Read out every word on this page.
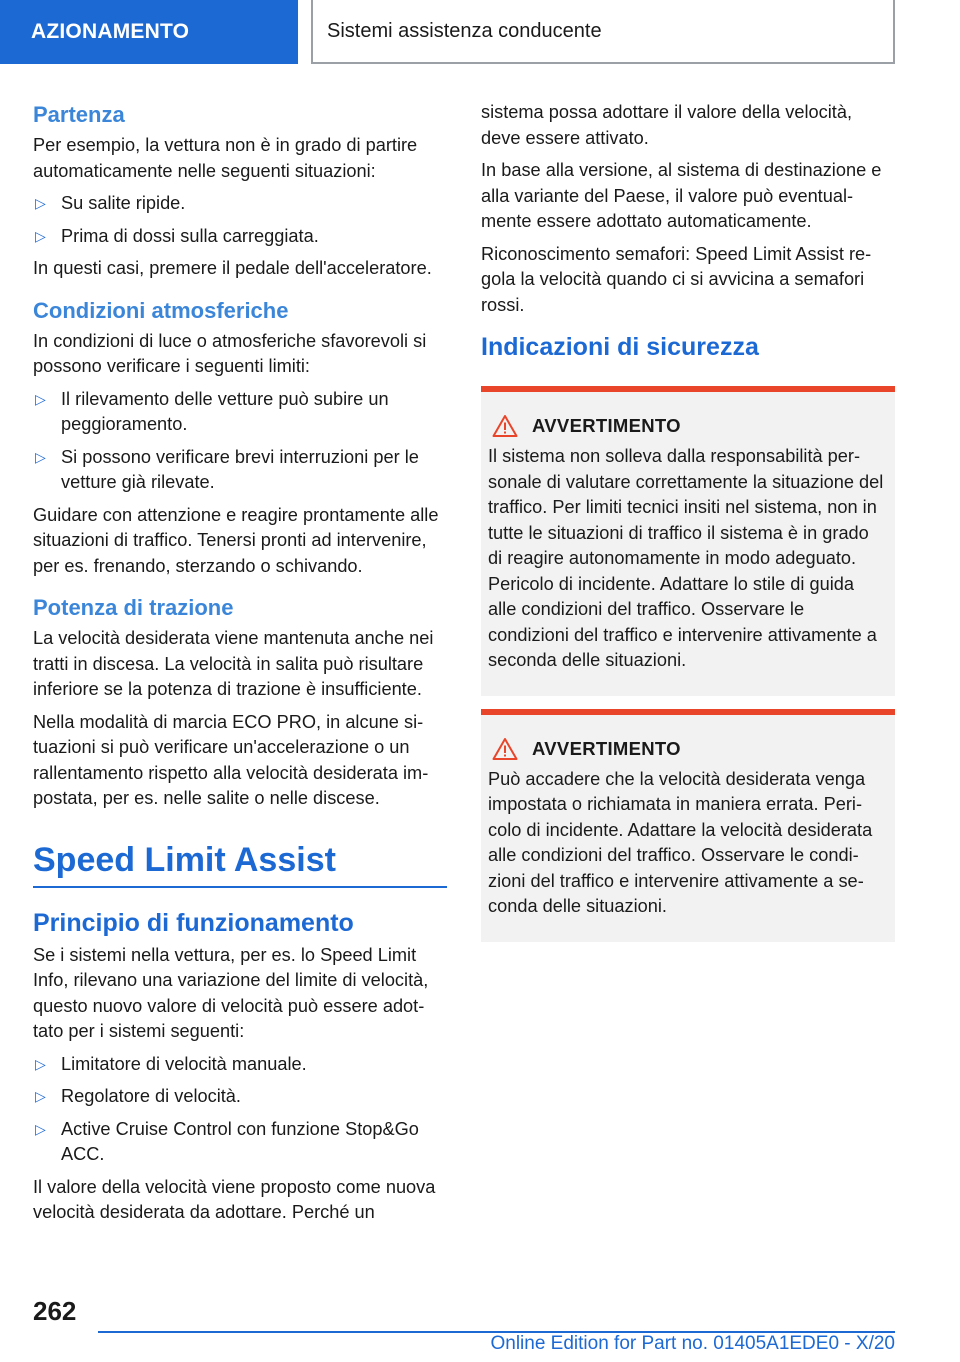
AZIONAMENTO	Sistemi assistenza conducente
Partenza

Per esempio, la vettura non è in grado di partire automaticamente nelle seguenti situazioni:

▷ Su salite ripide.
▷ Prima di dossi sulla carreggiata.

In questi casi, premere il pedale dell'acceleratore.

Condizioni atmosferiche

In condizioni di luce o atmosferiche sfavorevoli si possono verificare i seguenti limiti:

▷ Il rilevamento delle vetture può subire un peggioramento.
▷ Si possono verificare brevi interruzioni per le vetture già rilevate.

Guidare con attenzione e reagire prontamente alle situazioni di traffico. Tenersi pronti ad intervenire, per es. frenando, sterzando o schivando.

Potenza di trazione

La velocità desiderata viene mantenuta anche nei tratti in discesa. La velocità in salita può risultare inferiore se la potenza di trazione è insufficiente.

Nella modalità di marcia ECO PRO, in alcune situazioni si può verificare un'accelerazione o un rallentamento rispetto alla velocità desiderata impostata, per es. nelle salite o nelle discese.

Speed Limit Assist
Principio di funzionamento

Se i sistemi nella vettura, per es. lo Speed Limit Info, rilevano una variazione del limite di velocità, questo nuovo valore di velocità può essere adottato per i sistemi seguenti:

▷ Limitatore di velocità manuale.
▷ Regolatore di velocità.
▷ Active Cruise Control con funzione Stop&Go ACC.

Il valore della velocità viene proposto come nuova velocità desiderata da adottare. Perché un

sistema possa adottare il valore della velocità, deve essere attivato.

In base alla versione, al sistema di destinazione e alla variante del Paese, il valore può eventualmente essere adottato automaticamente.

Riconoscimento semafori: Speed Limit Assist regola la velocità quando ci si avvicina a semafori rossi.

Indicazioni di sicurezza
AVVERTIMENTO

Il sistema non solleva dalla responsabilità personale di valutare correttamente la situazione del traffico. Per limiti tecnici insiti nel sistema, non in tutte le situazioni di traffico il sistema è in grado di reagire autonomamente in modo adeguato. Pericolo di incidente. Adattare lo stile di guida alle condizioni del traffico. Osservare le condizioni del traffico e intervenire attivamente a seconda delle situazioni.

AVVERTIMENTO

Può accadere che la velocità desiderata venga impostata o richiamata in maniera errata. Pericolo di incidente. Adattare la velocità desiderata alle condizioni del traffico. Osservare le condizioni del traffico e intervenire attivamente a seconda delle situazioni.

262
Online Edition for Part no. 01405A1EDE0 - X/20
